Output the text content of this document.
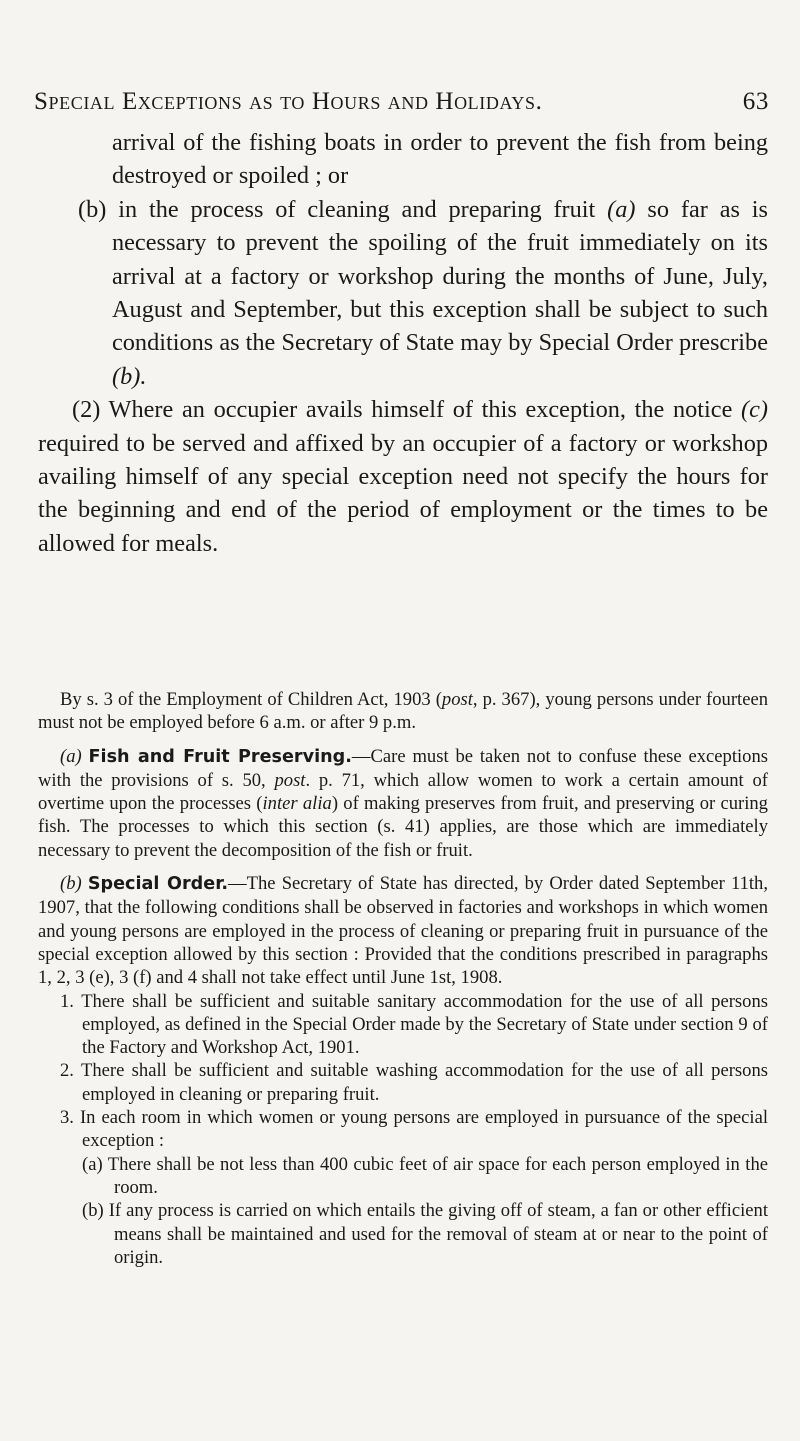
Special Exceptions as to Hours and Holidays.	63

arrival of the fishing boats in order to prevent the fish from being destroyed or spoiled ; or

(b) in the process of cleaning and preparing fruit (a) so far as is necessary to prevent the spoiling of the fruit immediately on its arrival at a factory or workshop during the months of June, July, August and September, but this exception shall be subject to such conditions as the Secretary of State may by Special Order prescribe (b).

(2) Where an occupier avails himself of this exception, the notice (c) required to be served and affixed by an occupier of a factory or workshop availing himself of any special exception need not specify the hours for the beginning and end of the period of employment or the times to be allowed for meals.

By s. 3 of the Employment of Children Act, 1903 (post, p. 367), young persons under fourteen must not be employed before 6 a.m. or after 9 p.m.

(a) Fish and Fruit Preserving.—Care must be taken not to confuse these exceptions with the provisions of s. 50, post. p. 71, which allow women to work a certain amount of overtime upon the processes (inter alia) of making preserves from fruit, and preserving or curing fish. The processes to which this section (s. 41) applies, are those which are immediately necessary to prevent the decomposition of the fish or fruit.

(b) Special Order.—The Secretary of State has directed, by Order dated September 11th, 1907, that the following conditions shall be observed in factories and workshops in which women and young persons are employed in the process of cleaning or preparing fruit in pursuance of the special exception allowed by this section : Provided that the conditions prescribed in paragraphs 1, 2, 3 (e), 3 (f) and 4 shall not take effect until June 1st, 1908.

1. There shall be sufficient and suitable sanitary accommodation for the use of all persons employed, as defined in the Special Order made by the Secretary of State under section 9 of the Factory and Workshop Act, 1901.

2. There shall be sufficient and suitable washing accommodation for the use of all persons employed in cleaning or preparing fruit.

3. In each room in which women or young persons are employed in pursuance of the special exception :

(a) There shall be not less than 400 cubic feet of air space for each person employed in the room.

(b) If any process is carried on which entails the giving off of steam, a fan or other efficient means shall be maintained and used for the removal of steam at or near to the point of origin.
